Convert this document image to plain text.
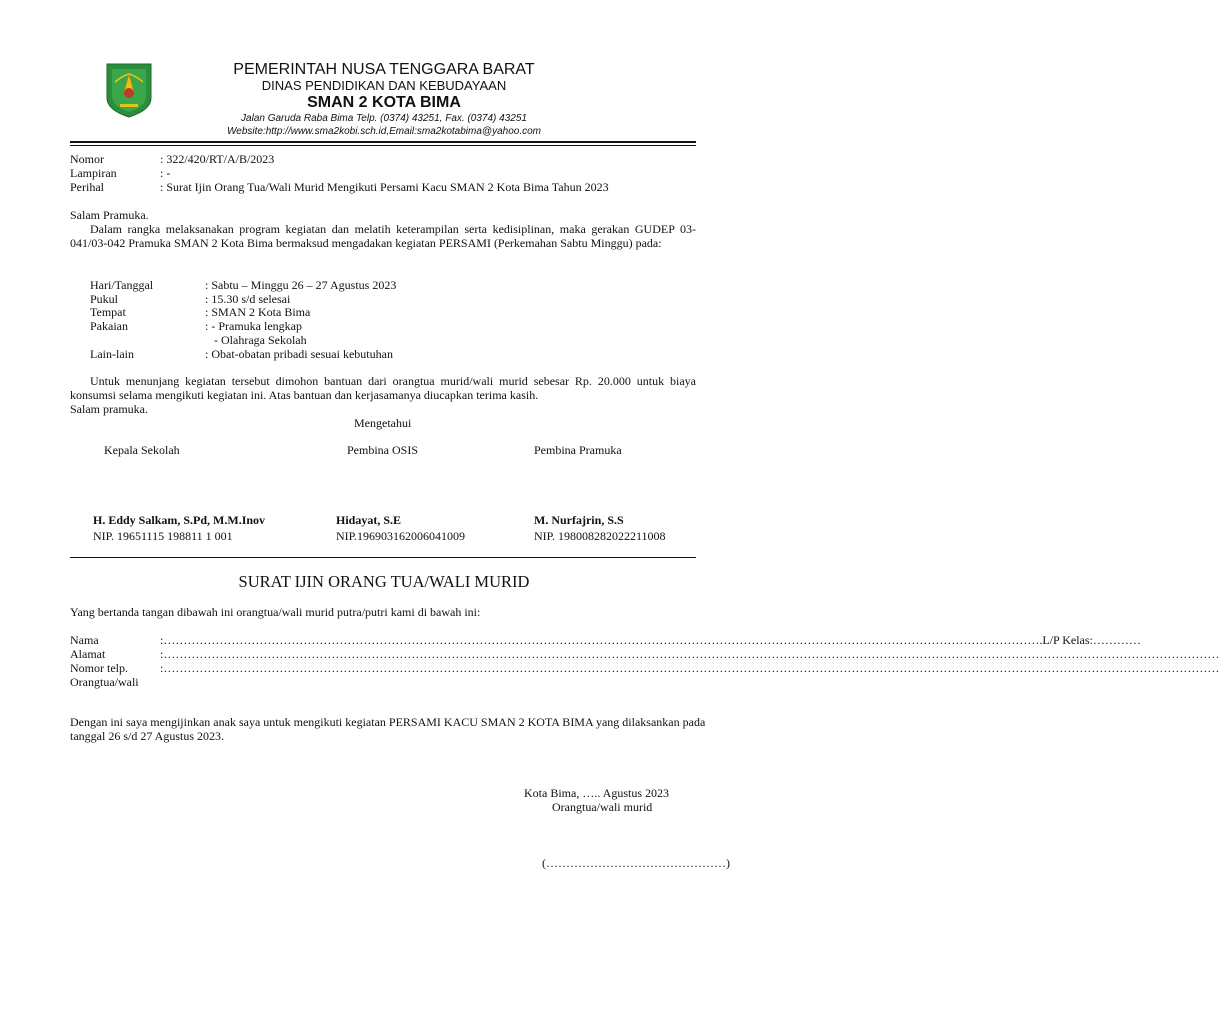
PEMERINTAH NUSA TENGGARA BARAT
DINAS PENDIDIKAN DAN KEBUDAYAAN
SMAN 2 KOTA BIMA
Jalan Garuda Raba Bima Telp. (0374) 43251, Fax. (0374) 43251
Website:http://www.sma2kobi.sch.id,Email:sma2kotabima@yahoo.com
Nomor	: 322/420/RT/A/B/2023
Lampiran	: -
Perihal	: Surat Ijin Orang Tua/Wali Murid Mengikuti Persami Kacu SMAN 2 Kota Bima Tahun 2023
Salam Pramuka.
Dalam rangka melaksanakan program kegiatan dan melatih keterampilan serta kedisiplinan, maka gerakan GUDEP 03-041/03-042 Pramuka SMAN 2 Kota Bima bermaksud mengadakan kegiatan PERSAMI (Perkemahan Sabtu Minggu) pada:
Hari/Tanggal	: Sabtu – Minggu 26 – 27 Agustus 2023
Pukul	: 15.30 s/d selesai
Tempat	: SMAN 2 Kota Bima
Pakaian	: - Pramuka lengkap
- Olahraga Sekolah
Lain-lain	: Obat-obatan pribadi sesuai kebutuhan
Untuk menunjang kegiatan tersebut dimohon bantuan dari orangtua murid/wali murid sebesar Rp. 20.000 untuk biaya konsumsi selama mengikuti kegiatan ini. Atas bantuan dan kerjasamanya diucapkan terima kasih.
Salam pramuka.
Mengetahui
Kepala Sekolah	Pembina OSIS	Pembina Pramuka
H. Eddy Salkam, S.Pd, M.M.Inov	Hidayat, S.E	M. Nurfajrin, S.S
NIP. 19651115 198811 1 001	NIP.196903162006041009	NIP. 198008282022211008
SURAT IJIN ORANG TUA/WALI MURID
Yang bertanda tangan dibawah ini orangtua/wali murid putra/putri kami di bawah ini:
Nama	:………………………………………………………………………………………………………………………………………………………………………………………………….L/P Kelas:…………
Alamat	:…………………………………………………………………………………………………………………………………………………………………………………………………………………………………………
Nomor telp.	:…………………………………………………………………………………………………………………………………………………………………………………………………………………………………………
Orangtua/wali
Dengan ini saya mengijinkan anak saya untuk mengikuti kegiatan PERSAMI KACU SMAN 2 KOTA BIMA yang dilaksankan pada tanggal 26 s/d 27 Agustus 2023.
Kota Bima, ….. Agustus 2023
Orangtua/wali murid
(………………………………………)
